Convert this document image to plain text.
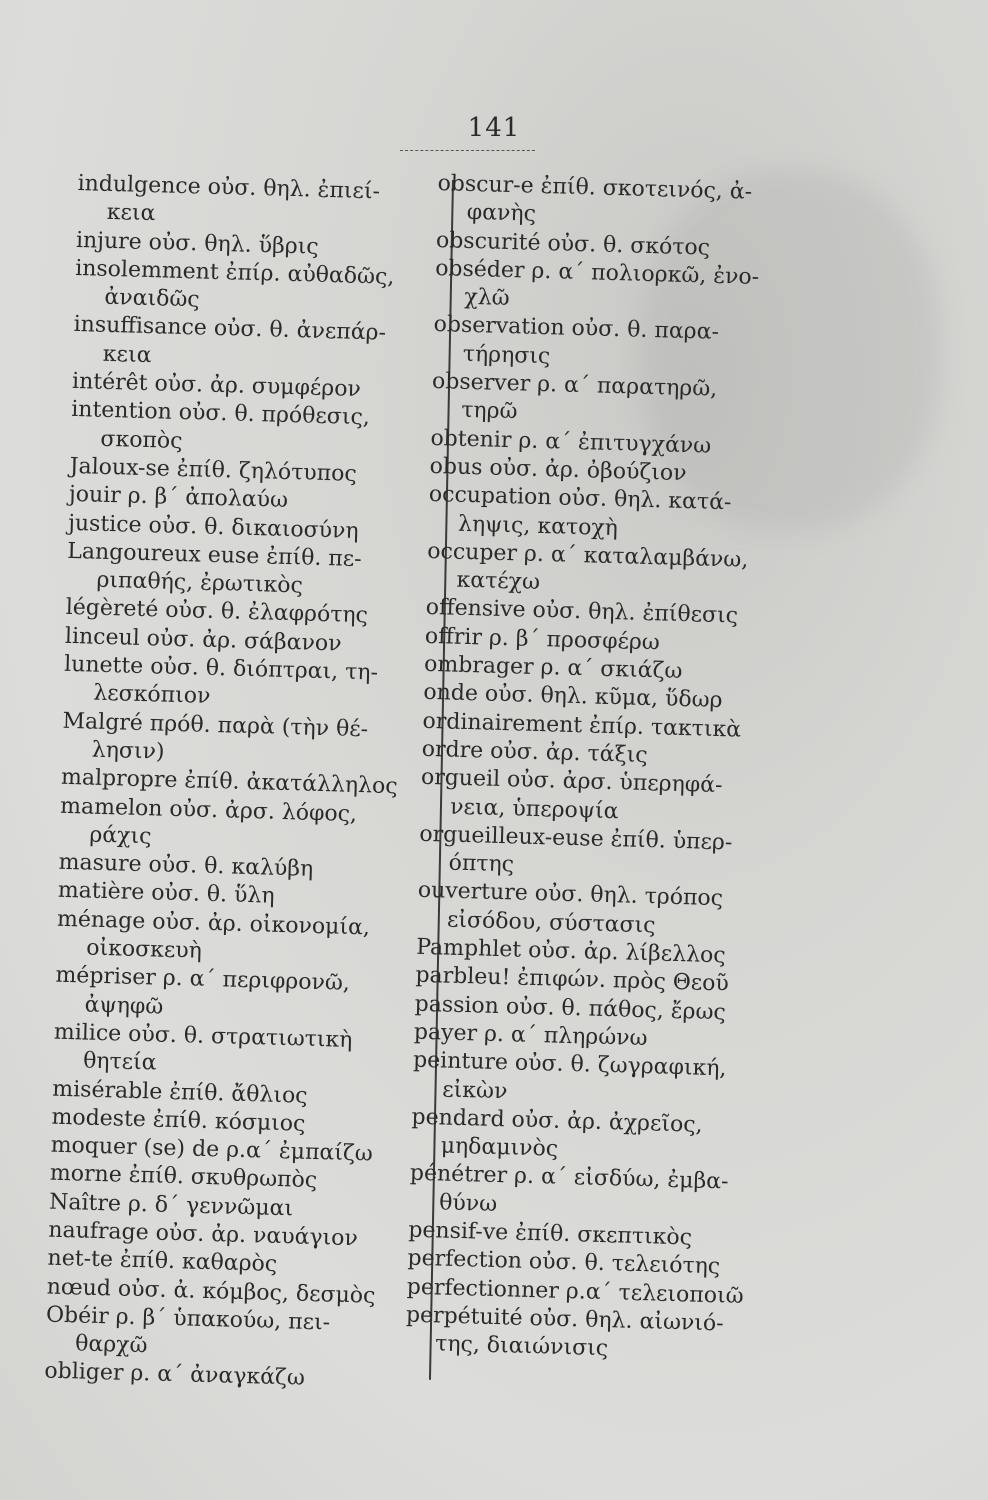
141
indulgence οὐσ. θηλ. ἐπιεί-
κεια
injure οὐσ. θηλ. ὕβρις
insolemment ἐπίρ. αὐθαδῶς,
ἀναιδῶς
insuffisance οὐσ. θ. ἀνεπάρ-
κεια
intérêt οὐσ. ἀρ. συμφέρον
intention οὐσ. θ. πρόθεσις,
σκοπὸς
Jaloux-se ἐπίθ. ζηλότυπος
jouir ρ. β΄ ἀπολαύω
justice οὐσ. θ. δικαιοσύνη
Langoureux euse ἐπίθ. πε-
ριπαθής, ἐρωτικὸς
légèreté οὐσ. θ. ἐλαφρότης
linceul οὐσ. ἀρ. σάβανον
lunette οὐσ. θ. διόπτραι, τη-
λεσκόπιον
Malgré πρόθ. παρὰ (τὴν θέ-
λησιν)
malpropre ἐπίθ. ἀκατάλληλος
mamelon οὐσ. ἀρσ. λόφος,
ράχις
masure οὐσ. θ. καλύβη
matière οὐσ. θ. ὕλη
ménage οὐσ. ἀρ. οἰκονομία,
οἰκοσκευὴ
mépriser ρ. α΄ περιφρονῶ,
ἀψηφῶ
milice οὐσ. θ. στρατιωτικὴ
θητεία
misérable ἐπίθ. ἄθλιος
modeste ἐπίθ. κόσμιος
moquer (se) de ρ.α΄ ἐμπαίζω
morne ἐπίθ. σκυθρωπὸς
Naître ρ. δ΄ γεννῶμαι
naufrage οὐσ. ἀρ. ναυάγιον
net-te ἐπίθ. καθαρὸς
nœud οὐσ. ἀ. κόμβος, δεσμὸς
Obéir ρ. β΄ ὑπακούω, πει-
θαρχῶ
obliger ρ. α΄ ἀναγκάζω
obscur-e ἐπίθ. σκοτεινός, ἀ-
φανὴς
obscurité οὐσ. θ. σκότος
obséder ρ. α΄ πολιορκῶ, ἐνο-
χλῶ
observation οὐσ. θ. παρα-
τήρησις
observer ρ. α΄ παρατηρῶ,
τηρῶ
obtenir ρ. α΄ ἐπιτυγχάνω
obus οὐσ. ἀρ. ὀβούζιον
occupation οὐσ. θηλ. κατά-
ληψις, κατοχὴ
occuper ρ. α΄ καταλαμβάνω,
κατέχω
offensive οὐσ. θηλ. ἐπίθεσις
offrir ρ. β΄ προσφέρω
ombrager ρ. α΄ σκιάζω
onde οὐσ. θηλ. κῦμα, ὕδωρ
ordinairement ἐπίρ. τακτικὰ
ordre οὐσ. ἀρ. τάξις
orgueil οὐσ. ἀρσ. ὑπερηφά-
νεια, ὑπεροψία
orgueilleux-euse ἐπίθ. ὑπερ-
όπτης
ouverture οὐσ. θηλ. τρόπος
εἰσόδου, σύστασις
Pamphlet οὐσ. ἀρ. λίβελλος
parbleu! ἐπιφών. πρὸς Θεοῦ
passion οὐσ. θ. πάθος, ἔρως
payer ρ. α΄ πληρώνω
peinture οὐσ. θ. ζωγραφική,
εἰκὼν
pendard οὐσ. ἀρ. ἀχρεῖος,
μηδαμινὸς
pénétrer ρ. α΄ εἰσδύω, ἐμβα-
θύνω
pensif-ve ἐπίθ. σκεπτικὸς
perfection οὐσ. θ. τελειότης
perfectionner ρ.α΄ τελειοποιῶ
perpétuité οὐσ. θηλ. αἰωνιό-
της, διαιώνισις
